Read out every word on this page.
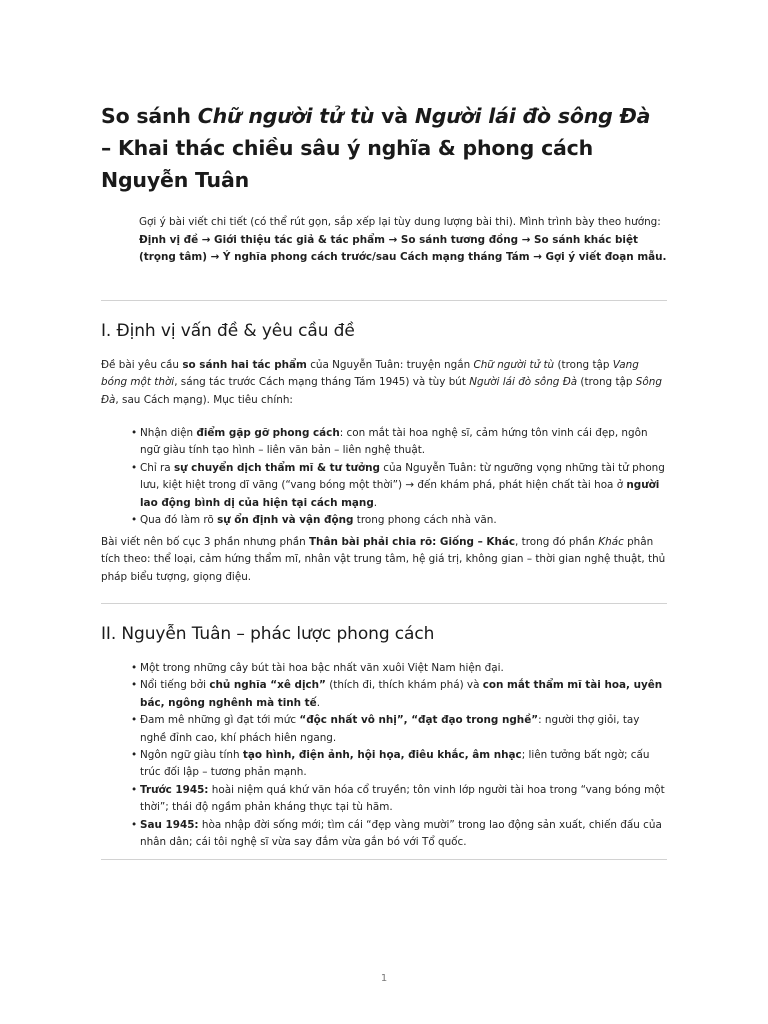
So sánh Chữ người tử tù và Người lái đò sông Đà – Khai thác chiều sâu ý nghĩa & phong cách Nguyễn Tuân

Gợi ý bài viết chi tiết (có thể rút gọn, sắp xếp lại tùy dung lượng bài thi). Mình trình bày theo hướng: Định vị đề → Giới thiệu tác giả & tác phẩm → So sánh tương đồng → So sánh khác biệt (trọng tâm) → Ý nghĩa phong cách trước/sau Cách mạng tháng Tám → Gợi ý viết đoạn mẫu.

I. Định vị vấn đề & yêu cầu đề

Đề bài yêu cầu so sánh hai tác phẩm của Nguyễn Tuân: truyện ngắn Chữ người tử tù (trong tập Vang bóng một thời, sáng tác trước Cách mạng tháng Tám 1945) và tùy bút Người lái đò sông Đà (trong tập Sông Đà, sau Cách mạng). Mục tiêu chính:

• Nhận diện điểm gặp gỡ phong cách: con mắt tài hoa nghệ sĩ, cảm hứng tôn vinh cái đẹp, ngôn ngữ giàu tính tạo hình – liên văn bản – liên nghệ thuật.
• Chỉ ra sự chuyển dịch thẩm mĩ & tư tưởng của Nguyễn Tuân: từ ngưỡng vọng những tài tử phong lưu, kiệt hiệt trong dĩ vãng (“vang bóng một thời”) → đến khám phá, phát hiện chất tài hoa ở người lao động bình dị của hiện tại cách mạng.
• Qua đó làm rõ sự ổn định và vận động trong phong cách nhà văn.

Bài viết nên bố cục 3 phần nhưng phần Thân bài phải chia rõ: Giống – Khác, trong đó phần Khác phân tích theo: thể loại, cảm hứng thẩm mĩ, nhân vật trung tâm, hệ giá trị, không gian – thời gian nghệ thuật, thủ pháp biểu tượng, giọng điệu.

II. Nguyễn Tuân – phác lược phong cách
• Một trong những cây bút tài hoa bậc nhất văn xuôi Việt Nam hiện đại.
• Nổi tiếng bởi chủ nghĩa “xê dịch” (thích đi, thích khám phá) và con mắt thẩm mĩ tài hoa, uyên bác, ngông nghênh mà tinh tế.
• Đam mê những gì đạt tới mức “độc nhất vô nhị”, “đạt đạo trong nghề”: người thợ giỏi, tay nghề đỉnh cao, khí phách hiên ngang.
• Ngôn ngữ giàu tính tạo hình, điện ảnh, hội họa, điêu khắc, âm nhạc; liên tưởng bất ngờ; cấu trúc đối lập – tương phản mạnh.
• Trước 1945: hoài niệm quá khứ văn hóa cổ truyền; tôn vinh lớp người tài hoa trong “vang bóng một thời”; thái độ ngầm phản kháng thực tại tù hãm.
• Sau 1945: hòa nhập đời sống mới; tìm cái “đẹp vàng mười” trong lao động sản xuất, chiến đấu của nhân dân; cái tôi nghệ sĩ vừa say đắm vừa gắn bó với Tổ quốc.
1
